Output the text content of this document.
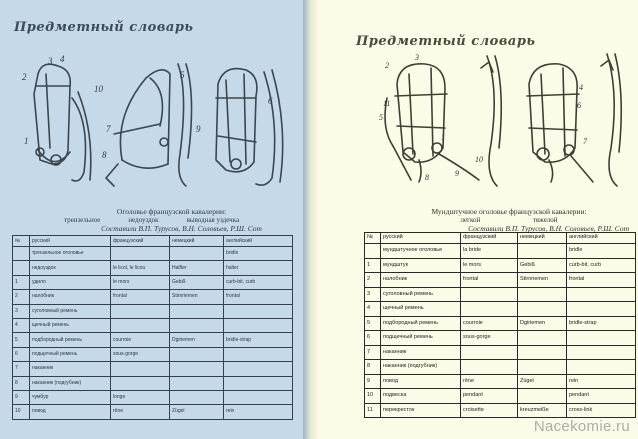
Предметный словарь
2
3 4
1
10
5
7
8
9
6
Оголовье французской кавалерии:
трензельное                недоуздок                выводная уздечка
Составили В.П. Турусов, В.Н. Соловьев, Р.Ш. Сот
№	русский	французский	немецкий	английский
	трензельное оголовье			bridle
	недоуздок	le licol, le licou	Halfter	halter
1	удило	le mors	Gebiß	curb-bit, curb
2	налобник	frontal	Stirnriemen	frontal
3	суголовный ремень			
4	щечный ремень			
5	подбородный ремень	courroie	Dgiriemen	bridle-strap
6	подщечный ремень	sous-gorge		
7	наканник			
8	наканник (подгубник)			
9	чумбур	longe		
10	повод	rêne	Zügel	rein
Предметный словарь
2
3
11
5
1
4
6
7
10
9
8
Мундштучное оголовье французской кавалерии:
легкой                              тяжелой
Составили В.П. Турусов, В.Н. Соловьев, Р.Ш. Сот
№	русский	французский	немецкий	английский
	мундштучное оголовье	la bride		bridle
1	мундштук	le mors	Gebiß	curb-bit, curb
2	налобник	frontal	Stirnriemen	frontal
3	суголовный ремень			
4	щечный ремень			
5	подбородный ремень	courroie	Dgiriemen	bridle-strap
6	подщечный ремень	sous-gorge		
7	наканник			
8	наканник (подгубник)			
9	повод	rêne	Zügel	rein
10	подвеска	pendant		pendant
11	перекресток	croisette	kreuzmeiße	cross-link
Nacekomie.ru
